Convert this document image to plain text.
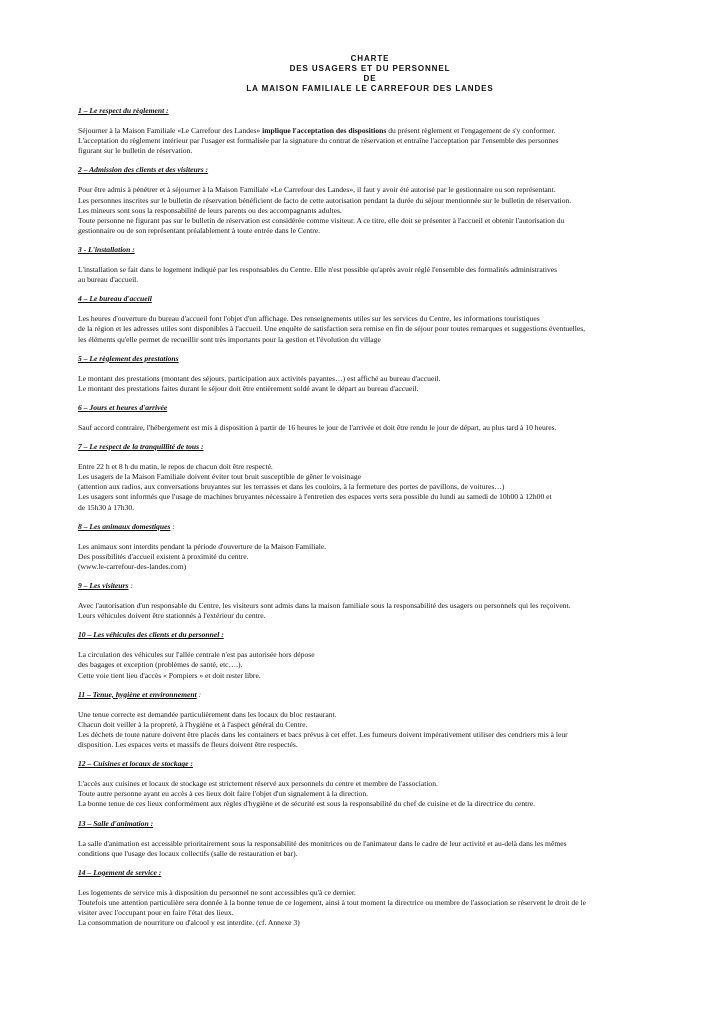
CHARTE
DES USAGERS ET DU PERSONNEL
DE
LA MAISON FAMILIALE LE CARREFOUR DES LANDES
1 – Le respect du règlement :
Séjourner à la Maison Familiale «Le Carrefour des Landes» implique l'acceptation des dispositions du présent règlement et l'engagement de s'y conformer.
L'acceptation du règlement intérieur par l'usager est formalisée par la signature du contrat de réservation et entraîne l'acceptation par l'ensemble des personnes
figurant sur le bulletin de réservation.
2 – Admission des clients et des visiteurs :
Pour être admis à pénétrer et à séjourner à la Maison Familiale «Le Carrefour des Landes», il faut y avoir été autorisé par le gestionnaire ou son représentant.
Les personnes inscrites sur le bulletin de réservation bénéficient de facto de cette autorisation pendant la durée du séjour mentionnée sur le bulletin de réservation.
Les mineurs sont sous la responsabilité de leurs parents ou des accompagnants adultes.
Toute personne ne figurant pas sur le bulletin de réservation est considérée comme visiteur. A ce titre, elle doit se présenter à l'accueil et obtenir l'autorisation du
gestionnaire ou de son représentant préalablement à toute entrée dans le Centre.
3 - L'installation :
L'installation se fait dans le logement indiqué par les responsables du Centre. Elle n'est possible qu'après avoir réglé l'ensemble des formalités administratives
au bureau d'accueil.
4 – Le bureau d'accueil
Les heures d'ouverture du bureau d'accueil font l'objet d'un affichage. Des renseignements utiles sur les services du Centre, les informations touristiques
de la région et les adresses utiles sont disponibles à l'accueil. Une enquête de satisfaction sera remise en fin de séjour pour toutes remarques et suggestions éventuelles,
les éléments qu'elle permet de recueillir sont très importants pour la gestion et l'évolution du village
5 – Le règlement des prestations
Le montant des prestations (montant des séjours, participation aux activités payantes…) est affiché au bureau d'accueil.
Le montant des prestations faites durant le séjour doit être entièrement soldé avant le départ au bureau d'accueil.
6 – Jours et heures d'arrivée
Sauf accord contraire, l'hébergement est mis à disposition à partir de 16 heures le jour de l'arrivée et doit être rendu le jour de départ, au plus tard à 10 heures.
7 – Le respect de la tranquillité de tous :
Entre 22 h et 8 h du matin, le repos de chacun doit être respecté.
Les usagers de la Maison Familiale doivent éviter tout bruit susceptible de gêner le voisinage
(attention aux radios, aux conversations bruyantes sur les terrasses et dans les couloirs, à la fermeture des portes de pavillons, de voitures…)
Les usagers sont informés que l'usage de machines bruyantes nécessaire à l'entretien des espaces verts sera possible du lundi au samedi de 10h00 à 12h00 et
de 15h30 à 17h30.
8 – Les animaux domestiques :
Les animaux sont interdits pendant la période d'ouverture de la Maison Familiale.
Des possibilités d'accueil existent à proximité du centre.
(www.le-carrefour-des-landes.com)
9 – Les visiteurs :
Avec l'autorisation d'un responsable du Centre, les visiteurs sont admis dans la maison familiale sous la responsabilité des usagers ou personnels qui les reçoivent.
Leurs véhicules doivent être stationnés à l'extérieur du centre.
10 – Les véhicules des clients et du personnel :
La circulation des véhicules sur l'allée centrale n'est pas autorisée hors dépose
des bagages et exception (problèmes de santé, etc….).
Cette voie tient lieu d'accès « Pompiers » et doit rester libre.
11 – Tenue, hygiène et environnement :
Une tenue correcte est demandée particulièrement dans les locaux du bloc restaurant.
Chacun doit veiller à la propreté, à l'hygiène et à l'aspect général du Centre.
Les déchets de toute nature doivent être placés dans les containers et bacs prévus à cet effet. Les fumeurs doivent impérativement utiliser des cendriers mis à leur
disposition. Les espaces verts et massifs de fleurs doivent être respectés.
12 – Cuisines et locaux de stockage :
L'accès aux cuisines et locaux de stockage est strictement réservé aux personnels du centre et membre de l'association.
Toute autre personne ayant eu accès à ces lieux doit faire l'objet d'un signalement à la direction.
La bonne tenue de ces lieux conformément aux règles d'hygiène et de sécurité est sous la responsabilité du chef de cuisine et de la directrice du centre.
13 – Salle d'animation :
La salle d'animation est accessible prioritairement sous la responsabilité des monitrices ou de l'animateur dans le cadre de leur activité et au-delà dans les mêmes
conditions que l'usage des locaux collectifs (salle de restauration et bar).
14 – Logement de service :
Les logements de service mis à disposition du personnel ne sont accessibles qu'à ce dernier.
Toutefois une attention particulière sera donnée à la bonne tenue de ce logement, ainsi à tout moment la directrice ou membre de l'association se réservent le droit de le
visiter avec l'occupant pour en faire l'état des lieux.
La consommation de nourriture ou d'alcool y est interdite. (cf. Annexe 3)
